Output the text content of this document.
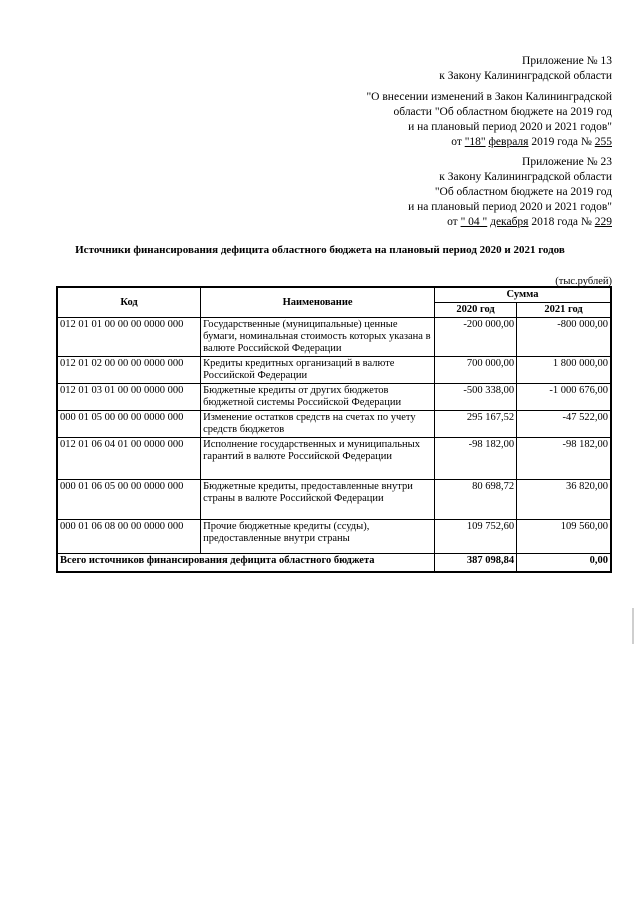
Приложение № 13
к Закону Калининградской области
"О внесении изменений в Закон Калининградской
области "Об областном бюджете на 2019 год
и на плановый период 2020 и 2021 годов"
от "18" февраля 2019 года № 255
Приложение № 23
к Закону Калининградской области
"Об областном бюджете на 2019 год
и на плановый период 2020 и 2021 годов"
от " 04 " декабря 2018 года № 229
Источники финансирования дефицита областного бюджета на плановый период 2020 и 2021 годов
(тыс.рублей)
Код	Наименование	Сумма	
		2020 год	2021 год
012 01 01 00 00 00 0000 000	Государственные (муниципальные) ценные бумаги, номинальная стоимость которых указана в валюте Российской Федерации	-200 000,00	-800 000,00
012 01 02 00 00 00 0000 000	Кредиты кредитных организаций в валюте Российской Федерации	700 000,00	1 800 000,00
012 01 03 01 00 00 0000 000	Бюджетные кредиты от других бюджетов бюджетной системы Российской Федерации	-500 338,00	-1 000 676,00
000 01 05 00 00 00 0000 000	Изменение остатков средств на счетах по учету средств бюджетов	295 167,52	-47 522,00
012 01 06 04 01 00 0000 000	Исполнение государственных и муниципальных гарантий в валюте Российской Федерации	-98 182,00	-98 182,00
000 01 06 05 00 00 0000 000	Бюджетные кредиты, предоставленные внутри страны в валюте Российской Федерации	80 698,72	36 820,00
000 01 06 08 00 00 0000 000	Прочие бюджетные кредиты (ссуды), предоставленные внутри страны	109 752,60	109 560,00
Всего источников финансирования дефицита областного бюджета		387 098,84	0,00
